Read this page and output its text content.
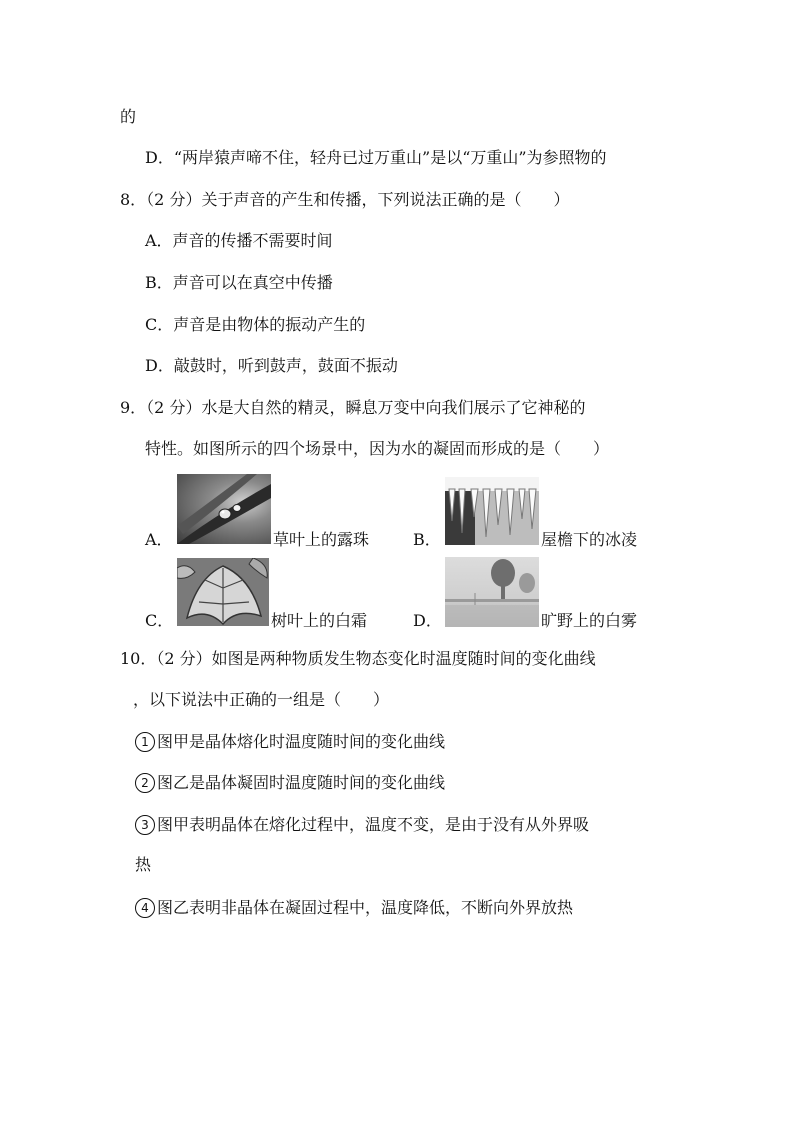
的
D．“两岸猿声啼不住，轻舟已过万重山”是以“万重山”为参照物的
8．（2 分）关于声音的产生和传播，下列说法正确的是（　　）
A．声音的传播不需要时间
B．声音可以在真空中传播
C．声音是由物体的振动产生的
D．敲鼓时，听到鼓声，鼓面不振动
9．（2 分）水是大自然的精灵，瞬息万变中向我们展示了它神秘的
特性。如图所示的四个场景中，因为水的凝固而形成的是（　　）
A．	草叶上的露珠	B．	屋檐下的冰凌
C．	树叶上的白霜	D．	旷野上的白雾
10．（2 分）如图是两种物质发生物态变化时温度随时间的变化曲线
，以下说法中正确的一组是（　　）
1 图甲是晶体熔化时温度随时间的变化曲线
2 图乙是晶体凝固时温度随时间的变化曲线
3 图甲表明晶体在熔化过程中，温度不变，是由于没有从外界吸
热
4 图乙表明非晶体在凝固过程中，温度降低，不断向外界放热
